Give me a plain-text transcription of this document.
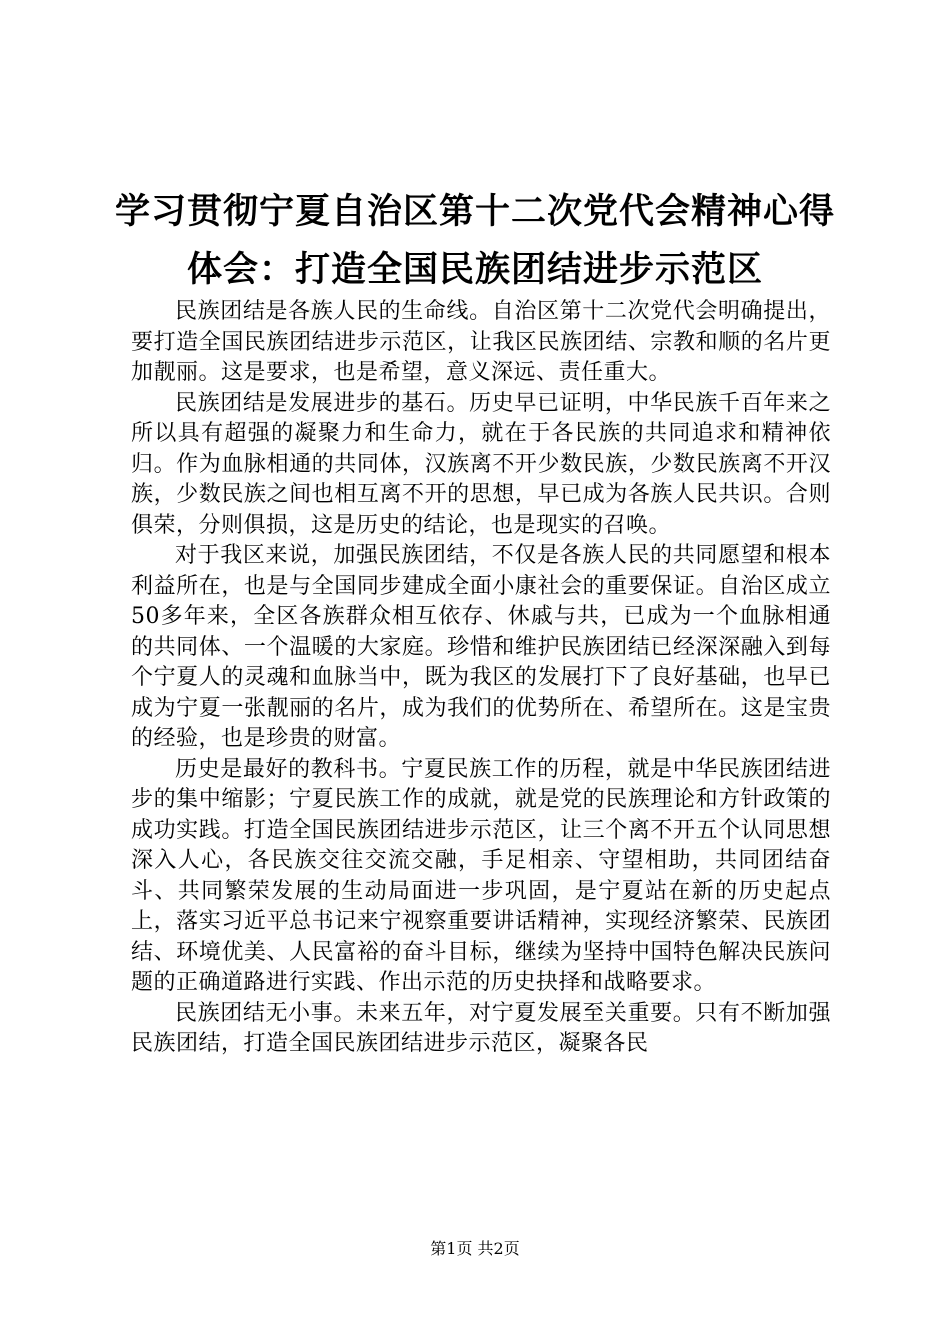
学习贯彻宁夏自治区第十二次党代会精神心得
体会：打造全国民族团结进步示范区

民族团结是各族人民的生命线。自治区第十二次党代会明确提出，要打造全国民族团结进步示范区，让我区民族团结、宗教和顺的名片更加靓丽。这是要求，也是希望，意义深远、责任重大。

民族团结是发展进步的基石。历史早已证明，中华民族千百年来之所以具有超强的凝聚力和生命力，就在于各民族的共同追求和精神依归。作为血脉相通的共同体，汉族离不开少数民族，少数民族离不开汉族，少数民族之间也相互离不开的思想，早已成为各族人民共识。合则俱荣，分则俱损，这是历史的结论，也是现实的召唤。

对于我区来说，加强民族团结，不仅是各族人民的共同愿望和根本利益所在，也是与全国同步建成全面小康社会的重要保证。自治区成立50多年来，全区各族群众相互依存、休戚与共，已成为一个血脉相通的共同体、一个温暖的大家庭。珍惜和维护民族团结已经深深融入到每个宁夏人的灵魂和血脉当中，既为我区的发展打下了良好基础，也早已成为宁夏一张靓丽的名片，成为我们的优势所在、希望所在。这是宝贵的经验，也是珍贵的财富。

历史是最好的教科书。宁夏民族工作的历程，就是中华民族团结进步的集中缩影；宁夏民族工作的成就，就是党的民族理论和方针政策的成功实践。打造全国民族团结进步示范区，让三个离不开五个认同思想深入人心，各民族交往交流交融，手足相亲、守望相助，共同团结奋斗、共同繁荣发展的生动局面进一步巩固，是宁夏站在新的历史起点上，落实习近平总书记来宁视察重要讲话精神，实现经济繁荣、民族团结、环境优美、人民富裕的奋斗目标，继续为坚持中国特色解决民族问题的正确道路进行实践、作出示范的历史抉择和战略要求。

民族团结无小事。未来五年，对宁夏发展至关重要。只有不断加强民族团结，打造全国民族团结进步示范区，凝聚各民

第1页 共2页
